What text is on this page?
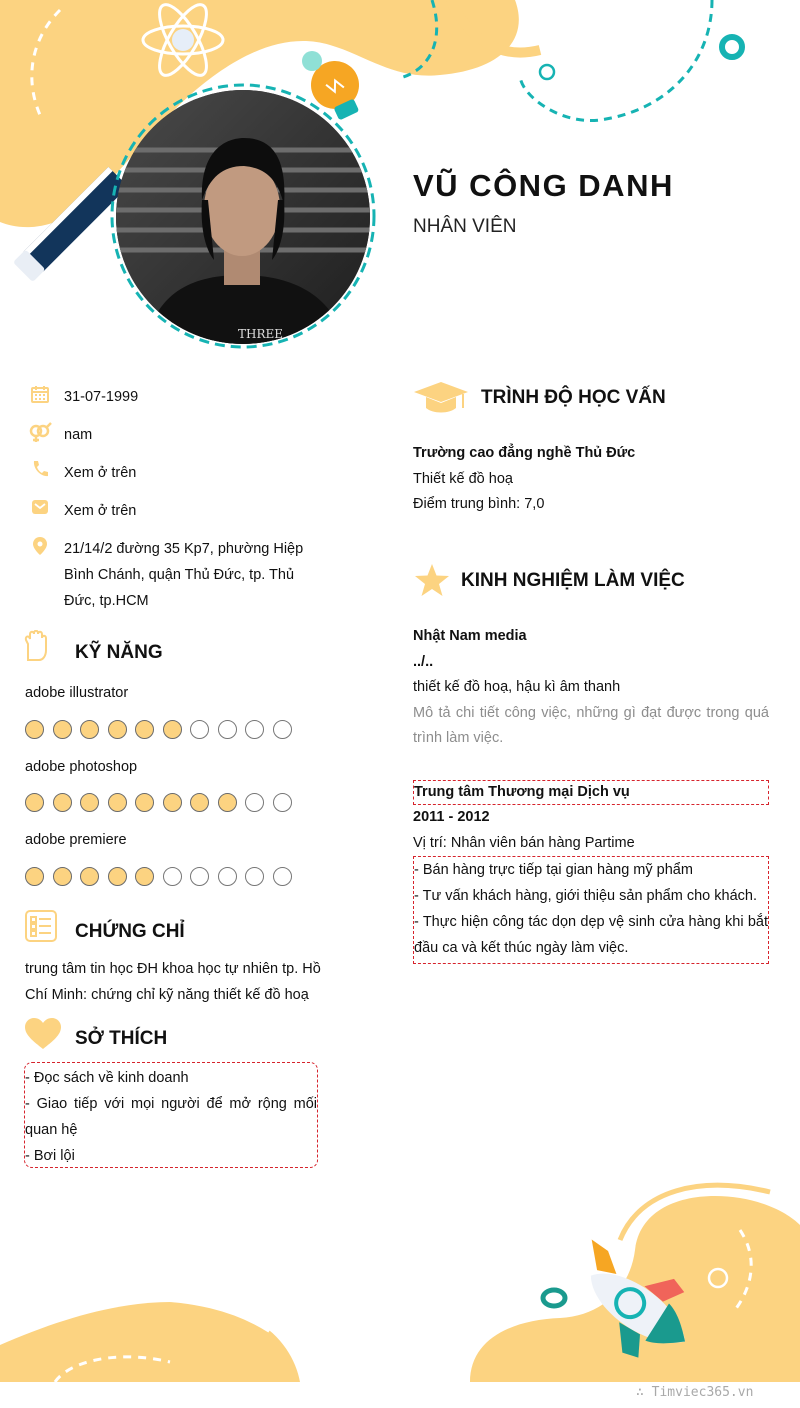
THREE
VŨ CÔNG DANH
NHÂN VIÊN
31-07-1999
nam
Xem ở trên
Xem ở trên
21/14/2 đường 35 Kp7, phường Hiệp Bình Chánh, quận Thủ Đức, tp. Thủ Đức, tp.HCM
KỸ NĂNG
adobe illustrator
adobe photoshop
adobe premiere
CHỨNG CHỈ
trung tâm tin học ĐH khoa học tự nhiên tp. Hồ Chí Minh: chứng chỉ kỹ năng thiết kế đồ hoạ
SỞ THÍCH
- Đọc sách về kinh doanh
- Giao tiếp với mọi người để mở rộng mối quan hệ
- Bơi lội
TRÌNH ĐỘ HỌC VẤN
Trường cao đẳng nghề Thủ Đức
Thiết kế đồ hoạ
Điểm trung bình: 7,0
KINH NGHIỆM LÀM VIỆC
Nhật Nam media
../..
thiết kế đồ hoạ, hậu kì âm thanh
Mô tả chi tiết công việc, những gì đạt được trong quá trình làm việc.
Trung tâm Thương mại Dịch vụ
2011 - 2012
Vị trí: Nhân viên bán hàng Partime
- Bán hàng trực tiếp tại gian hàng mỹ phẩm
- Tư vấn khách hàng, giới thiệu sản phẩm cho khách.
- Thực hiện công tác dọn dẹp vệ sinh cửa hàng khi bắt đầu ca và kết thúc ngày làm việc.
∴ Timviec365.vn
